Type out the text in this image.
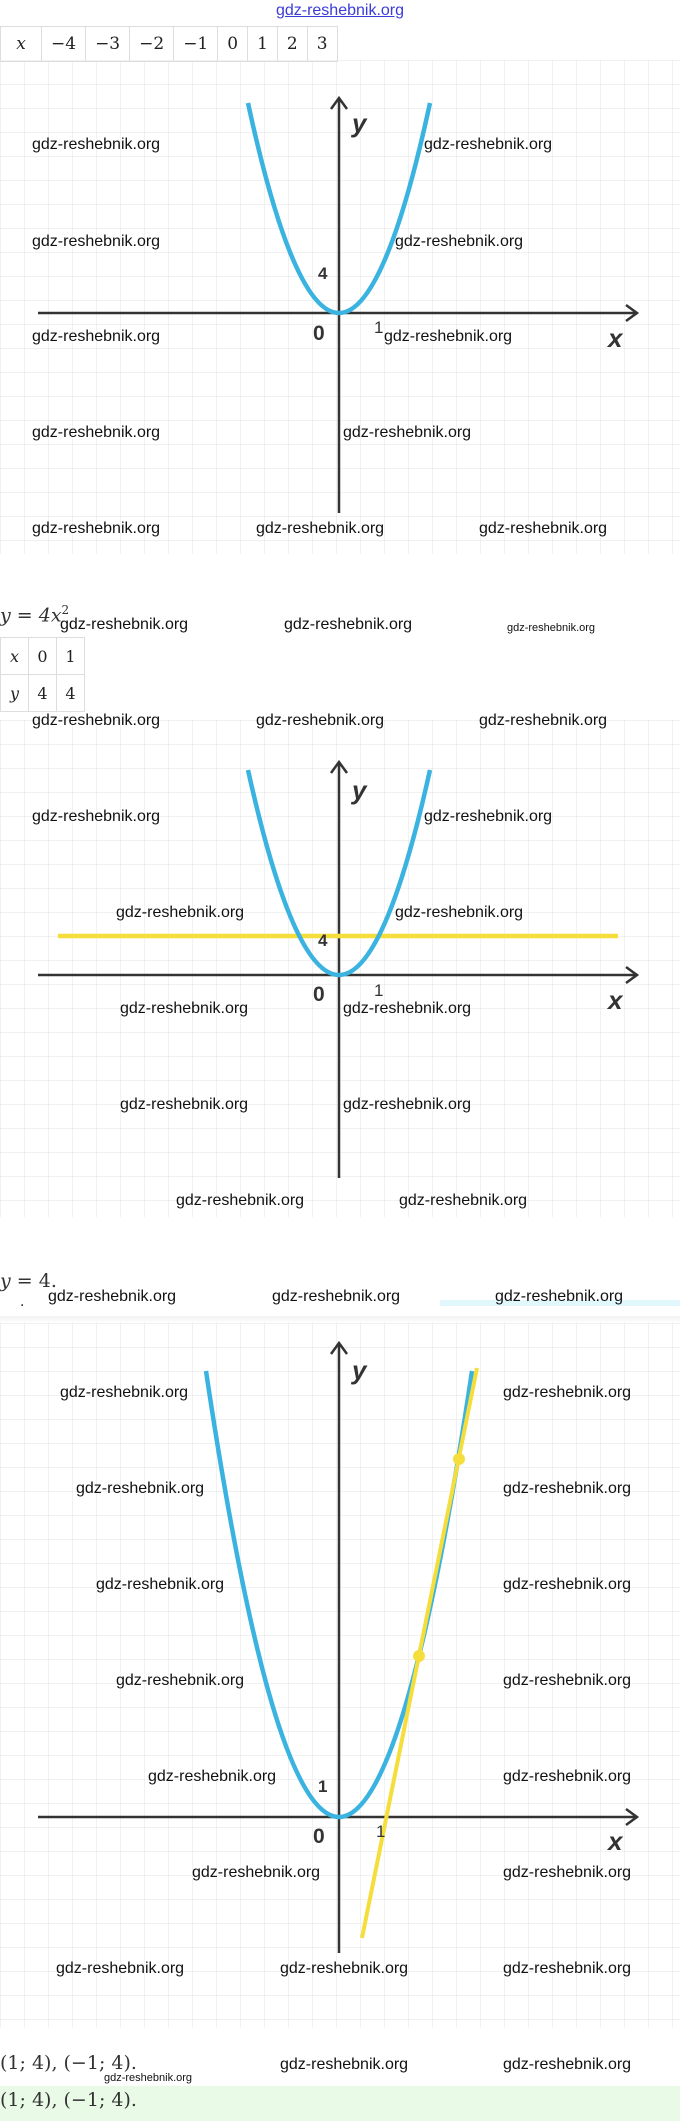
gdz-reshebnik.org
x	−4	−3	−2	−1	0	1	2	3
y
x
0	1
4
$y = 4x^2$
x	0	1
y	4	4
y
x
0	1
4
y = 4.
.
y
x
0	1
1
(1; 4), (−1; 4).
(1; 4), (−1; 4).
gdz-reshebnik.org	gdz-reshebnik.org
gdz-reshebnik.org	gdz-reshebnik.org
gdz-reshebnik.org	gdz-reshebnik.org
gdz-reshebnik.org	gdz-reshebnik.org
gdz-reshebnik.org	gdz-reshebnik.org	gdz-reshebnik.org
gdz-reshebnik.org	gdz-reshebnik.org	gdz-reshebnik.org
gdz-reshebnik.org	gdz-reshebnik.org	gdz-reshebnik.org
gdz-reshebnik.org	gdz-reshebnik.org
gdz-reshebnik.org	gdz-reshebnik.org
gdz-reshebnik.org	gdz-reshebnik.org
gdz-reshebnik.org	gdz-reshebnik.org
gdz-reshebnik.org	gdz-reshebnik.org
gdz-reshebnik.org	gdz-reshebnik.org	gdz-reshebnik.org
gdz-reshebnik.org	gdz-reshebnik.org
gdz-reshebnik.org	gdz-reshebnik.org
gdz-reshebnik.org	gdz-reshebnik.org
gdz-reshebnik.org	gdz-reshebnik.org
gdz-reshebnik.org	gdz-reshebnik.org
gdz-reshebnik.org	gdz-reshebnik.org
gdz-reshebnik.org	gdz-reshebnik.org	gdz-reshebnik.org
gdz-reshebnik.org	gdz-reshebnik.org
gdz-reshebnik.org
